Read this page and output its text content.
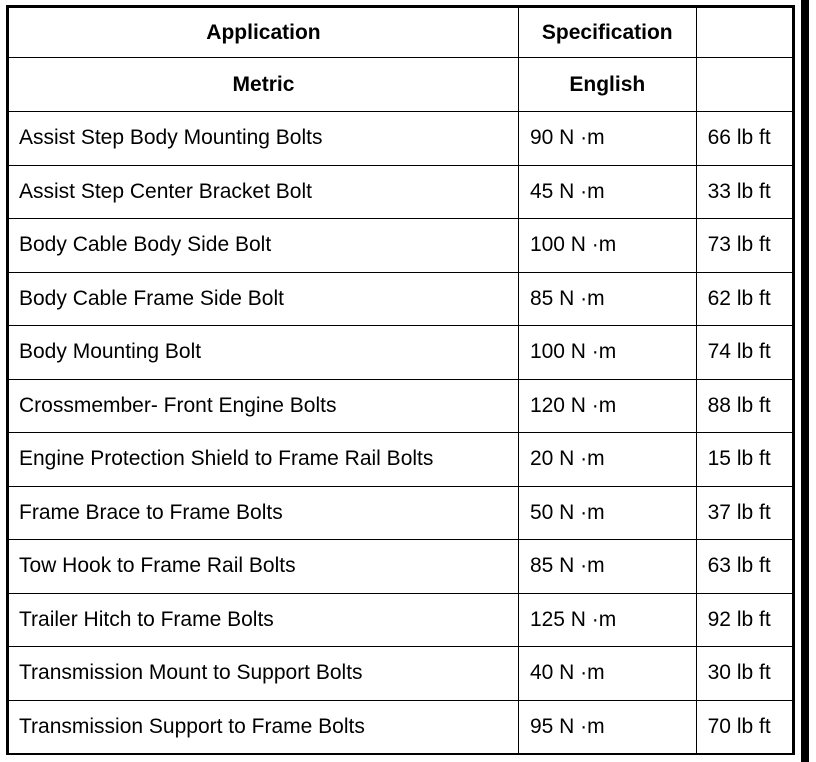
Application	Specification	
Metric	English	
Assist Step Body Mounting Bolts	90 N ·m	66 lb ft
Assist Step Center Bracket Bolt	45 N ·m	33 lb ft
Body Cable Body Side Bolt	100 N ·m	73 lb ft
Body Cable Frame Side Bolt	85 N ·m	62 lb ft
Body Mounting Bolt	100 N ·m	74 lb ft
Crossmember- Front Engine Bolts	120 N ·m	88 lb ft
Engine Protection Shield to Frame Rail Bolts	20 N ·m	15 lb ft
Frame Brace to Frame Bolts	50 N ·m	37 lb ft
Tow Hook to Frame Rail Bolts	85 N ·m	63 lb ft
Trailer Hitch to Frame Bolts	125 N ·m	92 lb ft
Transmission Mount to Support Bolts	40 N ·m	30 lb ft
Transmission Support to Frame Bolts	95 N ·m	70 lb ft
